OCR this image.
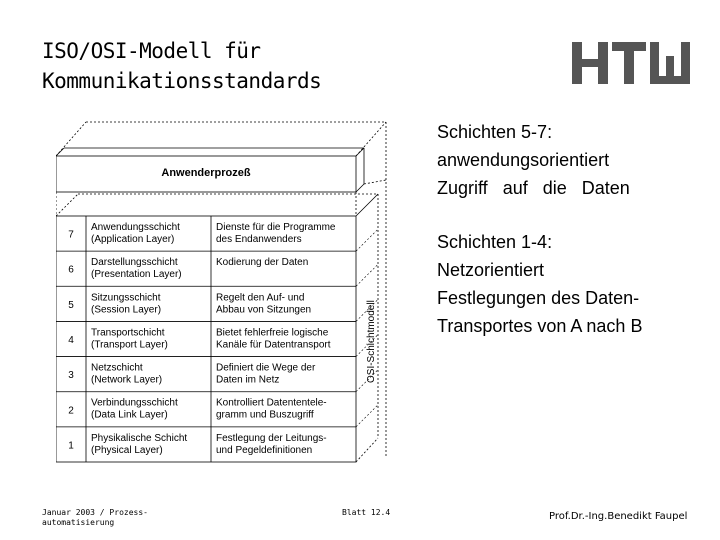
ISO/OSI-Modell für
Kommunikationsstandards
Anwenderprozeß
OSI-Schichtmodell
7
Anwendungsschicht
(Application Layer)
Dienste für die Programme
des Endanwenders
6
Darstellungsschicht
(Presentation Layer)
Kodierung der Daten
5
Sitzungsschicht
(Session Layer)
Regelt den Auf- und
Abbau von Sitzungen
4
Transportschicht
(Transport Layer)
Bietet fehlerfreie logische
Kanäle für Datentransport
3
Netzschicht
(Network Layer)
Definiert die Wege der
Daten im Netz
2
Verbindungsschicht
(Data Link Layer)
Kontrolliert Datententele-
gramm und Buszugriff
1
Physikalische Schicht
(Physical Layer)
Festlegung der Leitungs-
und Pegeldefinitionen
Schichten 5-7:
anwendungsorientiert
Zugriff auf die Daten
Schichten 1-4:
Netzorientiert
Festlegungen des Daten-
Transportes von A nach B
Januar 2003 / Prozess-
automatisierung
Blatt 12.4	Prof.Dr.-Ing.Benedikt Faupel
